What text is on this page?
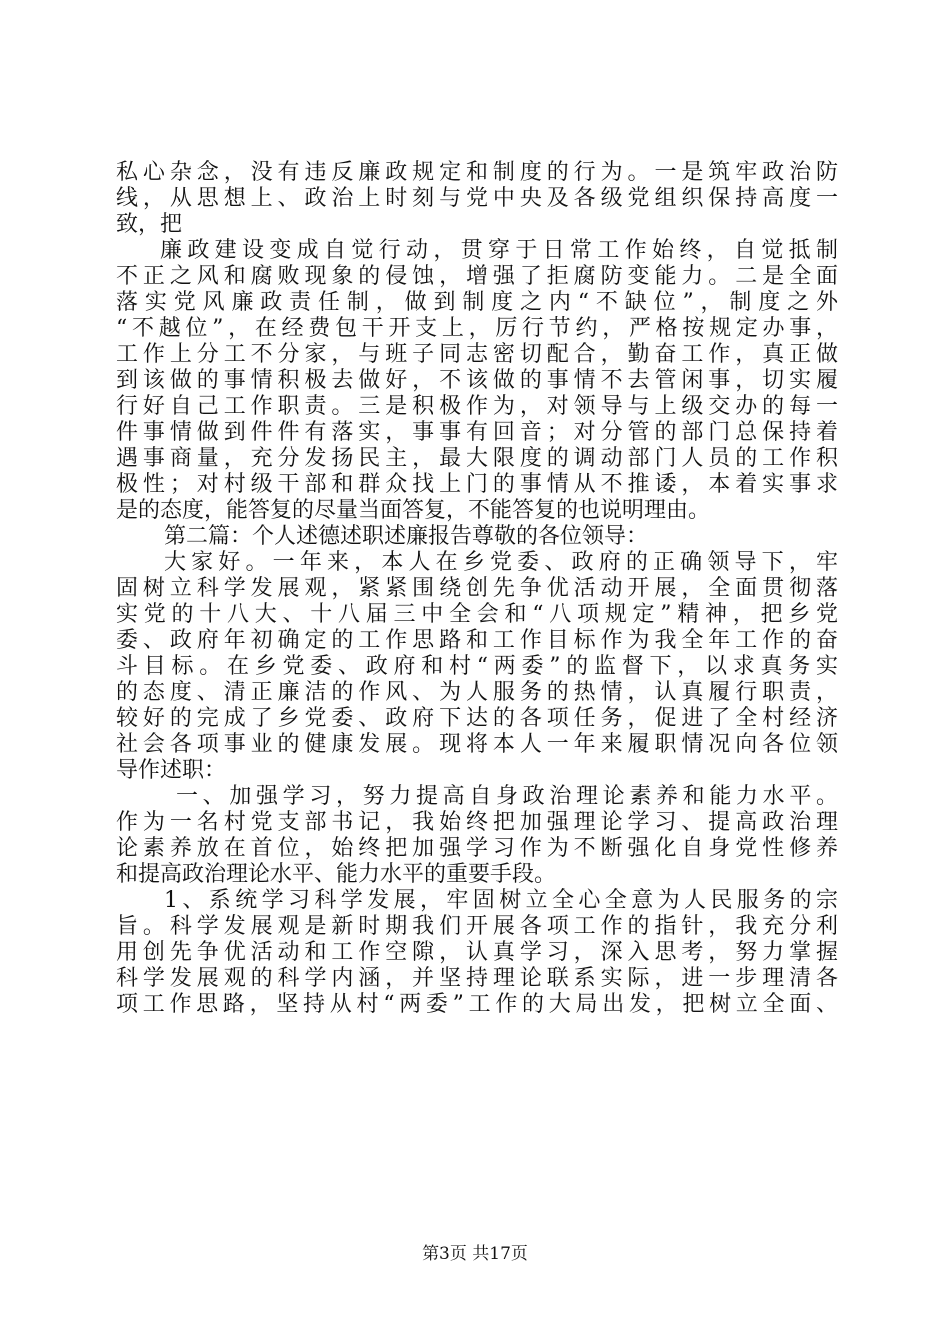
私心杂念，没有违反廉政规定和制度的行为。一是筑牢政治防
线，从思想上、政治上时刻与党中央及各级党组织保持高度一
致，把
廉政建设变成自觉行动，贯穿于日常工作始终，自觉抵制
不正之风和腐败现象的侵蚀，增强了拒腐防变能力。二是全面
落实党风廉政责任制，做到制度之内“不缺位”，制度之外
“不越位”，在经费包干开支上，厉行节约，严格按规定办事，
工作上分工不分家，与班子同志密切配合，勤奋工作，真正做
到该做的事情积极去做好，不该做的事情不去管闲事，切实履
行好自己工作职责。三是积极作为，对领导与上级交办的每一
件事情做到件件有落实，事事有回音；对分管的部门总保持着
遇事商量，充分发扬民主，最大限度的调动部门人员的工作积
极性；对村级干部和群众找上门的事情从不推诿，本着实事求
是的态度，能答复的尽量当面答复，不能答复的也说明理由。
第二篇：个人述德述职述廉报告尊敬的各位领导：
大家好。一年来，本人在乡党委、政府的正确领导下，牢
固树立科学发展观，紧紧围绕创先争优活动开展，全面贯彻落
实党的十八大、十八届三中全会和“八项规定”精神，把乡党
委、政府年初确定的工作思路和工作目标作为我全年工作的奋
斗目标。在乡党委、政府和村“两委”的监督下，以求真务实
的态度、清正廉洁的作风、为人服务的热情，认真履行职责，
较好的完成了乡党委、政府下达的各项任务，促进了全村经济
社会各项事业的健康发展。现将本人一年来履职情况向各位领
导作述职：
一、加强学习，努力提高自身政治理论素养和能力水平。
作为一名村党支部书记，我始终把加强理论学习、提高政治理
论素养放在首位，始终把加强学习作为不断强化自身党性修养
和提高政治理论水平、能力水平的重要手段。
1、系统学习科学发展，牢固树立全心全意为人民服务的宗
旨。科学发展观是新时期我们开展各项工作的指针，我充分利
用创先争优活动和工作空隙，认真学习，深入思考，努力掌握
科学发展观的科学内涵，并坚持理论联系实际，进一步理清各
项工作思路，坚持从村“两委”工作的大局出发，把树立全面、
第3页 共17页
